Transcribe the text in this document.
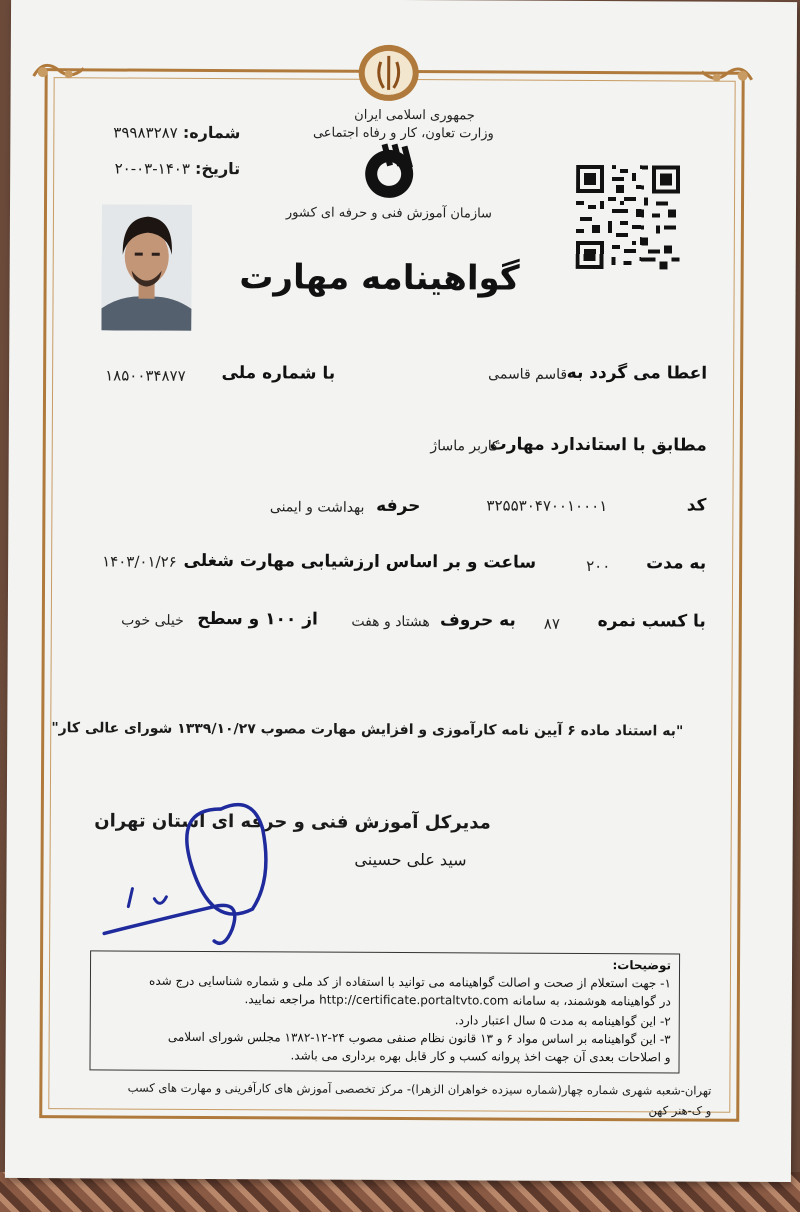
جمهوری اسلامی ایران
وزارت تعاون، کار و رفاه اجتماعی
سازمان آموزش فنی و حرفه ای کشور
شماره: ۳۹۹۸۳۲۸۷
تاریخ: ۱۴۰۳-۰۳-۲۰
گواهینامه مهارت
اعطا می گردد به
قاسم قاسمی
با شماره ملی
۱۸۵۰۰۳۴۸۷۷
مطابق با استاندارد مهارت
کاربر ماساژ
کد
۳۲۵۵۳۰۴۷۰۰۱۰۰۰۱
حرفه
بهداشت و ایمنی
به مدت
۲۰۰
ساعت و بر اساس ارزشیابی مهارت شغلی
۱۴۰۳/۰۱/۲۶
با کسب نمره
۸۷
به حروف
هشتاد و هفت
از ۱۰۰ و سطح
خیلی خوب
"به استناد ماده ۶ آیین نامه کارآموزی و افزایش مهارت مصوب ۱۳۳۹/۱۰/۲۷ شورای عالی کار"
مدیرکل آموزش فنی و حرفه ای استان تهران
سید علی حسینی
توضیحات:
۱- جهت استعلام از صحت و اصالت گواهینامه می توانید با استفاده از کد ملی و شماره شناسایی درج شده
در گواهینامه هوشمند، به سامانه http://certificate.portaltvto.com مراجعه نمایید.
۲- این گواهینامه به مدت ۵ سال اعتبار دارد.
۳- این گواهینامه بر اساس مواد ۶ و ۱۳ قانون نظام صنفی مصوب ۲۴-۱۲-۱۳۸۲ مجلس شورای اسلامی
و اصلاحات بعدی آن جهت اخذ پروانه کسب و کار قابل بهره برداری می باشد.
تهران-شعبه شهری شماره چهار(شماره سیزده خواهران الزهرا)- مرکز تخصصی آموزش های کارآفرینی و مهارت های کسب
و ک-هنر کهن
